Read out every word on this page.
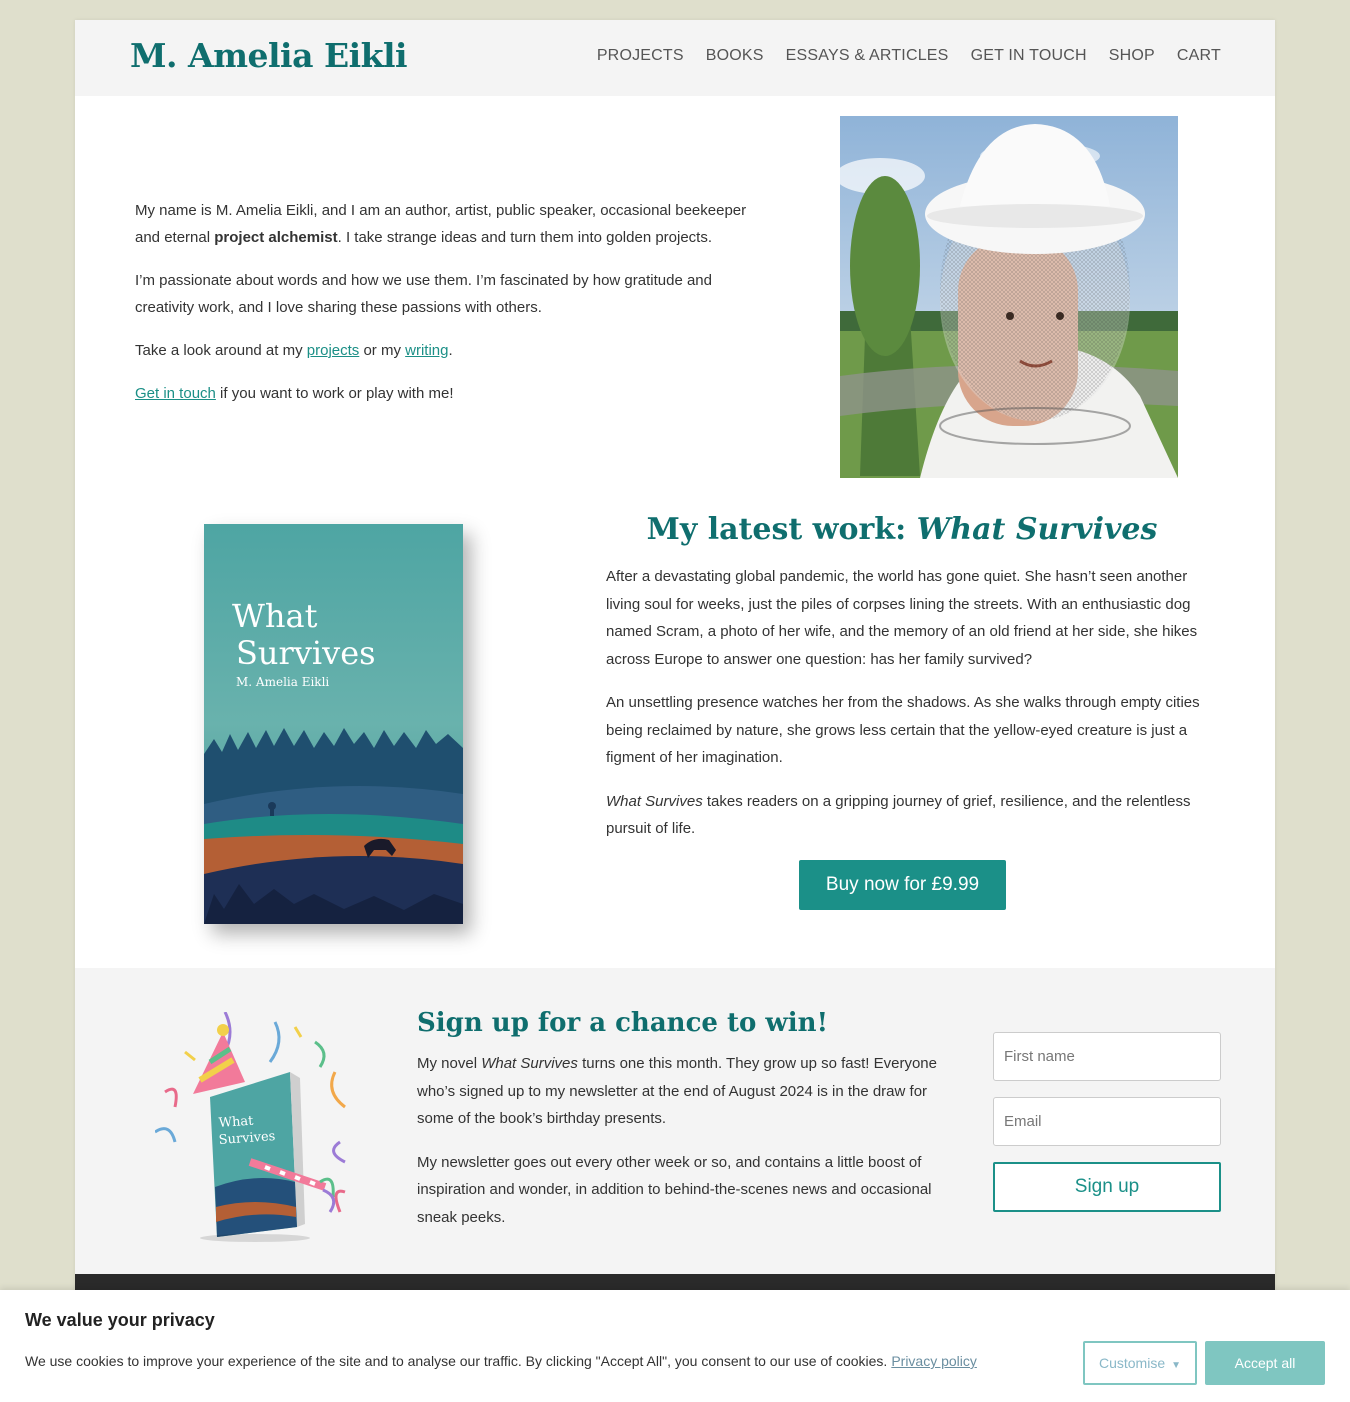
M. Amelia Eikli	PROJECTS BOOKS ESSAYS & ARTICLES GET IN TOUCH SHOP CART

My name is M. Amelia Eikli, and I am an author, artist, public speaker, occasional beekeeper and eternal project alchemist. I take strange ideas and turn them into golden projects.

I’m passionate about words and how we use them. I’m fascinated by how gratitude and creativity work, and I love sharing these passions with others.

Take a look around at my projects or my writing.

Get in touch if you want to work or play with me!

What
Survives
M. Amelia Eikli
My latest work: What Survives

After a devastating global pandemic, the world has gone quiet. She hasn’t seen another living soul for weeks, just the piles of corpses lining the streets. With an enthusiastic dog named Scram, a photo of her wife, and the memory of an old friend at her side, she hikes across Europe to answer one question: has her family survived?

An unsettling presence watches her from the shadows. As she walks through empty cities being reclaimed by nature, she grows less certain that the yellow-eyed creature is just a figment of her imagination.

What Survives takes readers on a gripping journey of grief, resilience, and the relentless pursuit of life.

Buy now for £9.99
What
Survives
Sign up for a chance to win!

My novel What Survives turns one this month. They grow up so fast! Everyone who’s signed up to my newsletter at the end of August 2024 is in the draw for some of the book’s birthday presents.

My newsletter goes out every other week or so, and contains a little boost of inspiration and wonder, in addition to behind-the-scenes news and occasional sneak peeks.

First name
Email
Sign up
We value your privacy
We use cookies to improve your experience of the site and to analyse our traffic. By clicking "Accept All", you consent to our use of cookies. Privacy policy	Customise ▼	Accept all
